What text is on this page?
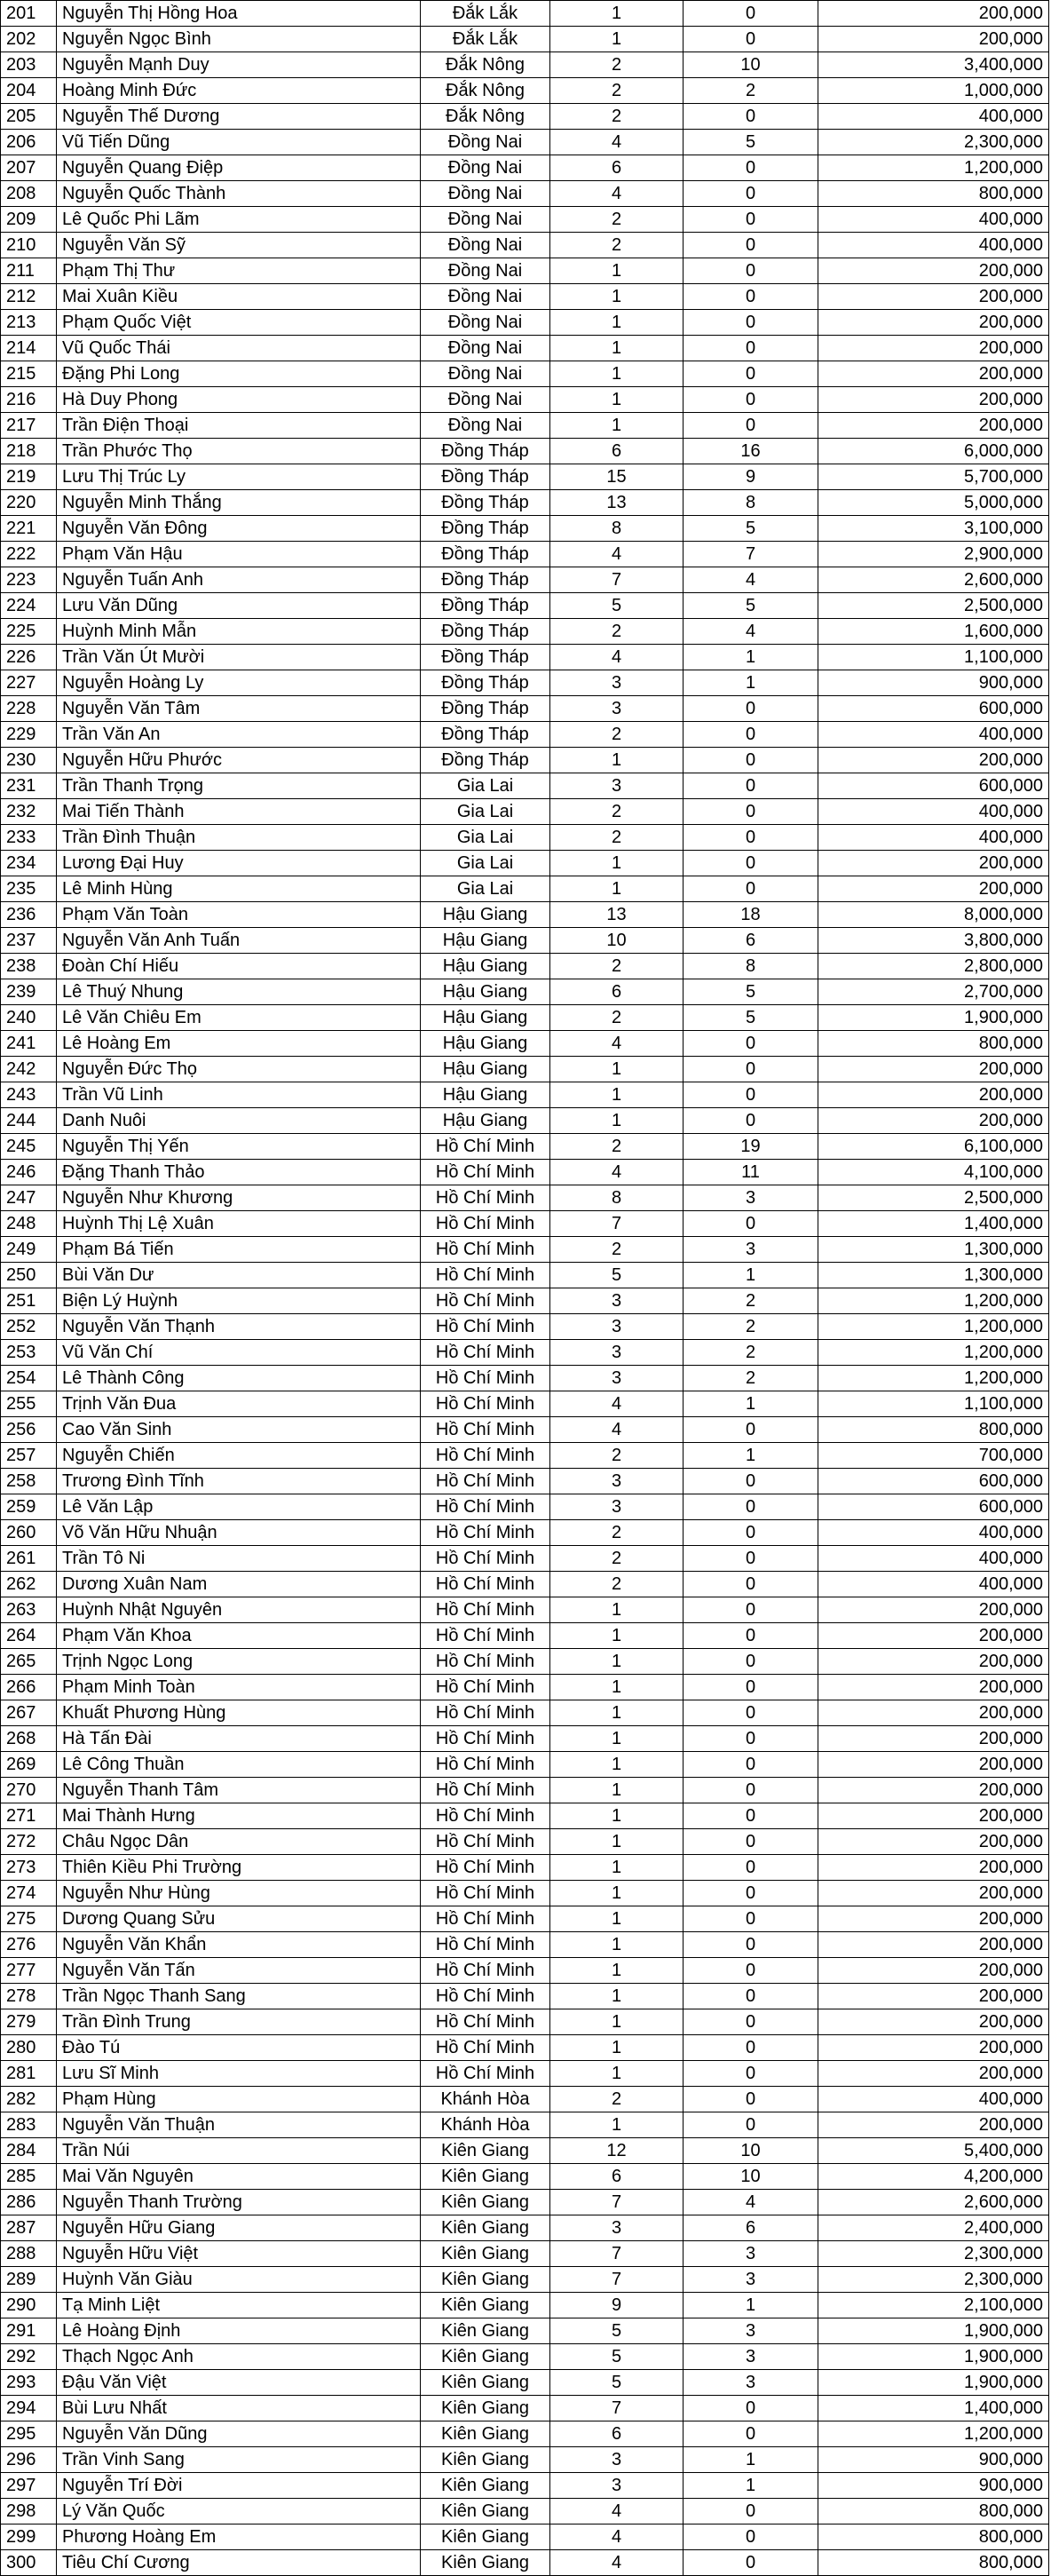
201	Nguyễn Thị Hồng Hoa	Đắk Lắk	1	0	200,000
202	Nguyễn Ngọc Bình	Đắk Lắk	1	0	200,000
203	Nguyễn Mạnh Duy	Đắk Nông	2	10	3,400,000
204	Hoàng Minh Đức	Đắk Nông	2	2	1,000,000
205	Nguyễn Thế Dương	Đắk Nông	2	0	400,000
206	Vũ Tiến Dũng	Đồng Nai	4	5	2,300,000
207	Nguyễn Quang Điệp	Đồng Nai	6	0	1,200,000
208	Nguyễn Quốc Thành	Đồng Nai	4	0	800,000
209	Lê Quốc Phi Lãm	Đồng Nai	2	0	400,000
210	Nguyễn Văn Sỹ	Đồng Nai	2	0	400,000
211	Phạm Thị Thư	Đồng Nai	1	0	200,000
212	Mai Xuân Kiều	Đồng Nai	1	0	200,000
213	Phạm Quốc Việt	Đồng Nai	1	0	200,000
214	Vũ Quốc Thái	Đồng Nai	1	0	200,000
215	Đặng Phi Long	Đồng Nai	1	0	200,000
216	Hà Duy Phong	Đồng Nai	1	0	200,000
217	Trần Điện Thoại	Đồng Nai	1	0	200,000
218	Trần Phước Thọ	Đồng Tháp	6	16	6,000,000
219	Lưu Thị Trúc Ly	Đồng Tháp	15	9	5,700,000
220	Nguyễn Minh Thắng	Đồng Tháp	13	8	5,000,000
221	Nguyễn Văn Đông	Đồng Tháp	8	5	3,100,000
222	Phạm Văn Hậu	Đồng Tháp	4	7	2,900,000
223	Nguyễn Tuấn Anh	Đồng Tháp	7	4	2,600,000
224	Lưu Văn Dũng	Đồng Tháp	5	5	2,500,000
225	Huỳnh Minh Mẫn	Đồng Tháp	2	4	1,600,000
226	Trần Văn Út Mười	Đồng Tháp	4	1	1,100,000
227	Nguyễn Hoàng Ly	Đồng Tháp	3	1	900,000
228	Nguyễn Văn Tâm	Đồng Tháp	3	0	600,000
229	Trần Văn An	Đồng Tháp	2	0	400,000
230	Nguyễn Hữu Phước	Đồng Tháp	1	0	200,000
231	Trần Thanh Trọng	Gia Lai	3	0	600,000
232	Mai Tiến Thành	Gia Lai	2	0	400,000
233	Trần Đình Thuận	Gia Lai	2	0	400,000
234	Lương Đại Huy	Gia Lai	1	0	200,000
235	Lê Minh Hùng	Gia Lai	1	0	200,000
236	Phạm Văn Toàn	Hậu Giang	13	18	8,000,000
237	Nguyễn Văn Anh Tuấn	Hậu Giang	10	6	3,800,000
238	Đoàn Chí Hiếu	Hậu Giang	2	8	2,800,000
239	Lê Thuý Nhung	Hậu Giang	6	5	2,700,000
240	Lê Văn Chiêu Em	Hậu Giang	2	5	1,900,000
241	Lê Hoàng Em	Hậu Giang	4	0	800,000
242	Nguyễn Đức Thọ	Hậu Giang	1	0	200,000
243	Trần Vũ Linh	Hậu Giang	1	0	200,000
244	Danh Nuôi	Hậu Giang	1	0	200,000
245	Nguyễn Thị Yến	Hồ Chí Minh	2	19	6,100,000
246	Đặng Thanh Thảo	Hồ Chí Minh	4	11	4,100,000
247	Nguyễn Như Khương	Hồ Chí Minh	8	3	2,500,000
248	Huỳnh Thị Lệ Xuân	Hồ Chí Minh	7	0	1,400,000
249	Phạm Bá Tiến	Hồ Chí Minh	2	3	1,300,000
250	Bùi Văn Dư	Hồ Chí Minh	5	1	1,300,000
251	Biện Lý Huỳnh	Hồ Chí Minh	3	2	1,200,000
252	Nguyễn Văn Thạnh	Hồ Chí Minh	3	2	1,200,000
253	Vũ Văn Chí	Hồ Chí Minh	3	2	1,200,000
254	Lê Thành Công	Hồ Chí Minh	3	2	1,200,000
255	Trịnh Văn Đua	Hồ Chí Minh	4	1	1,100,000
256	Cao Văn Sinh	Hồ Chí Minh	4	0	800,000
257	Nguyễn Chiến	Hồ Chí Minh	2	1	700,000
258	Trương Đình Tĩnh	Hồ Chí Minh	3	0	600,000
259	Lê Văn Lập	Hồ Chí Minh	3	0	600,000
260	Võ Văn Hữu Nhuận	Hồ Chí Minh	2	0	400,000
261	Trần Tô Ni	Hồ Chí Minh	2	0	400,000
262	Dương Xuân Nam	Hồ Chí Minh	2	0	400,000
263	Huỳnh Nhật Nguyên	Hồ Chí Minh	1	0	200,000
264	Phạm Văn Khoa	Hồ Chí Minh	1	0	200,000
265	Trịnh Ngọc Long	Hồ Chí Minh	1	0	200,000
266	Phạm Minh Toàn	Hồ Chí Minh	1	0	200,000
267	Khuất Phương Hùng	Hồ Chí Minh	1	0	200,000
268	Hà Tấn Đài	Hồ Chí Minh	1	0	200,000
269	Lê Công Thuần	Hồ Chí Minh	1	0	200,000
270	Nguyễn Thanh Tâm	Hồ Chí Minh	1	0	200,000
271	Mai Thành Hưng	Hồ Chí Minh	1	0	200,000
272	Châu Ngọc Dân	Hồ Chí Minh	1	0	200,000
273	Thiên Kiều Phi Trường	Hồ Chí Minh	1	0	200,000
274	Nguyễn Như Hùng	Hồ Chí Minh	1	0	200,000
275	Dương Quang Sửu	Hồ Chí Minh	1	0	200,000
276	Nguyễn Văn Khẩn	Hồ Chí Minh	1	0	200,000
277	Nguyễn Văn Tấn	Hồ Chí Minh	1	0	200,000
278	Trần Ngọc Thanh Sang	Hồ Chí Minh	1	0	200,000
279	Trần Đình Trung	Hồ Chí Minh	1	0	200,000
280	Đào Tú	Hồ Chí Minh	1	0	200,000
281	Lưu Sĩ Minh	Hồ Chí Minh	1	0	200,000
282	Phạm Hùng	Khánh Hòa	2	0	400,000
283	Nguyễn Văn Thuận	Khánh Hòa	1	0	200,000
284	Trần Núi	Kiên Giang	12	10	5,400,000
285	Mai Văn Nguyên	Kiên Giang	6	10	4,200,000
286	Nguyễn Thanh Trường	Kiên Giang	7	4	2,600,000
287	Nguyễn Hữu Giang	Kiên Giang	3	6	2,400,000
288	Nguyễn Hữu Việt	Kiên Giang	7	3	2,300,000
289	Huỳnh Văn Giàu	Kiên Giang	7	3	2,300,000
290	Tạ Minh Liệt	Kiên Giang	9	1	2,100,000
291	Lê Hoàng Định	Kiên Giang	5	3	1,900,000
292	Thạch Ngọc Anh	Kiên Giang	5	3	1,900,000
293	Đậu Văn Việt	Kiên Giang	5	3	1,900,000
294	Bùi Lưu Nhất	Kiên Giang	7	0	1,400,000
295	Nguyễn Văn Dũng	Kiên Giang	6	0	1,200,000
296	Trần Vinh Sang	Kiên Giang	3	1	900,000
297	Nguyễn Trí Đời	Kiên Giang	3	1	900,000
298	Lý Văn Quốc	Kiên Giang	4	0	800,000
299	Phương Hoàng Em	Kiên Giang	4	0	800,000
300	Tiêu Chí Cương	Kiên Giang	4	0	800,000
